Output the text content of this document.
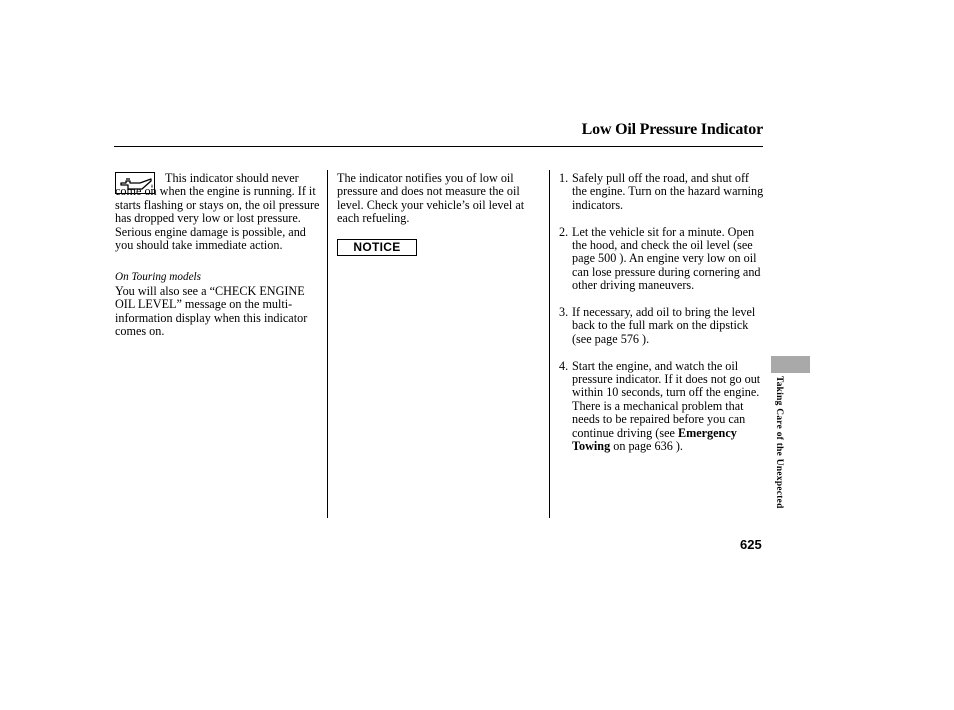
Low Oil Pressure Indicator

This indicator should never come on when the engine is running. If it starts flashing or stays on, the oil pressure has dropped very low or lost pressure. Serious engine damage is possible, and you should take immediate action.

On Touring models

You will also see a “CHECK ENGINE OIL LEVEL” message on the multi-information display when this indicator comes on.

The indicator notifies you of low oil pressure and does not measure the oil level. Check your vehicle’s oil level at each refueling.

NOTICE
1. Safely pull off the road, and shut off the engine. Turn on the hazard warning indicators.
2. Let the vehicle sit for a minute. Open the hood, and check the oil level (see page 500 ). An engine very low on oil can lose pressure during cornering and other driving maneuvers.
3. If necessary, add oil to bring the level back to the full mark on the dipstick (see page 576 ).
4. Start the engine, and watch the oil pressure indicator. If it does not go out within 10 seconds, turn off the engine. There is a mechanical problem that needs to be repaired before you can continue driving (see Emergency Towing on page 636 ).	Taking Care of the Unexpected
625
